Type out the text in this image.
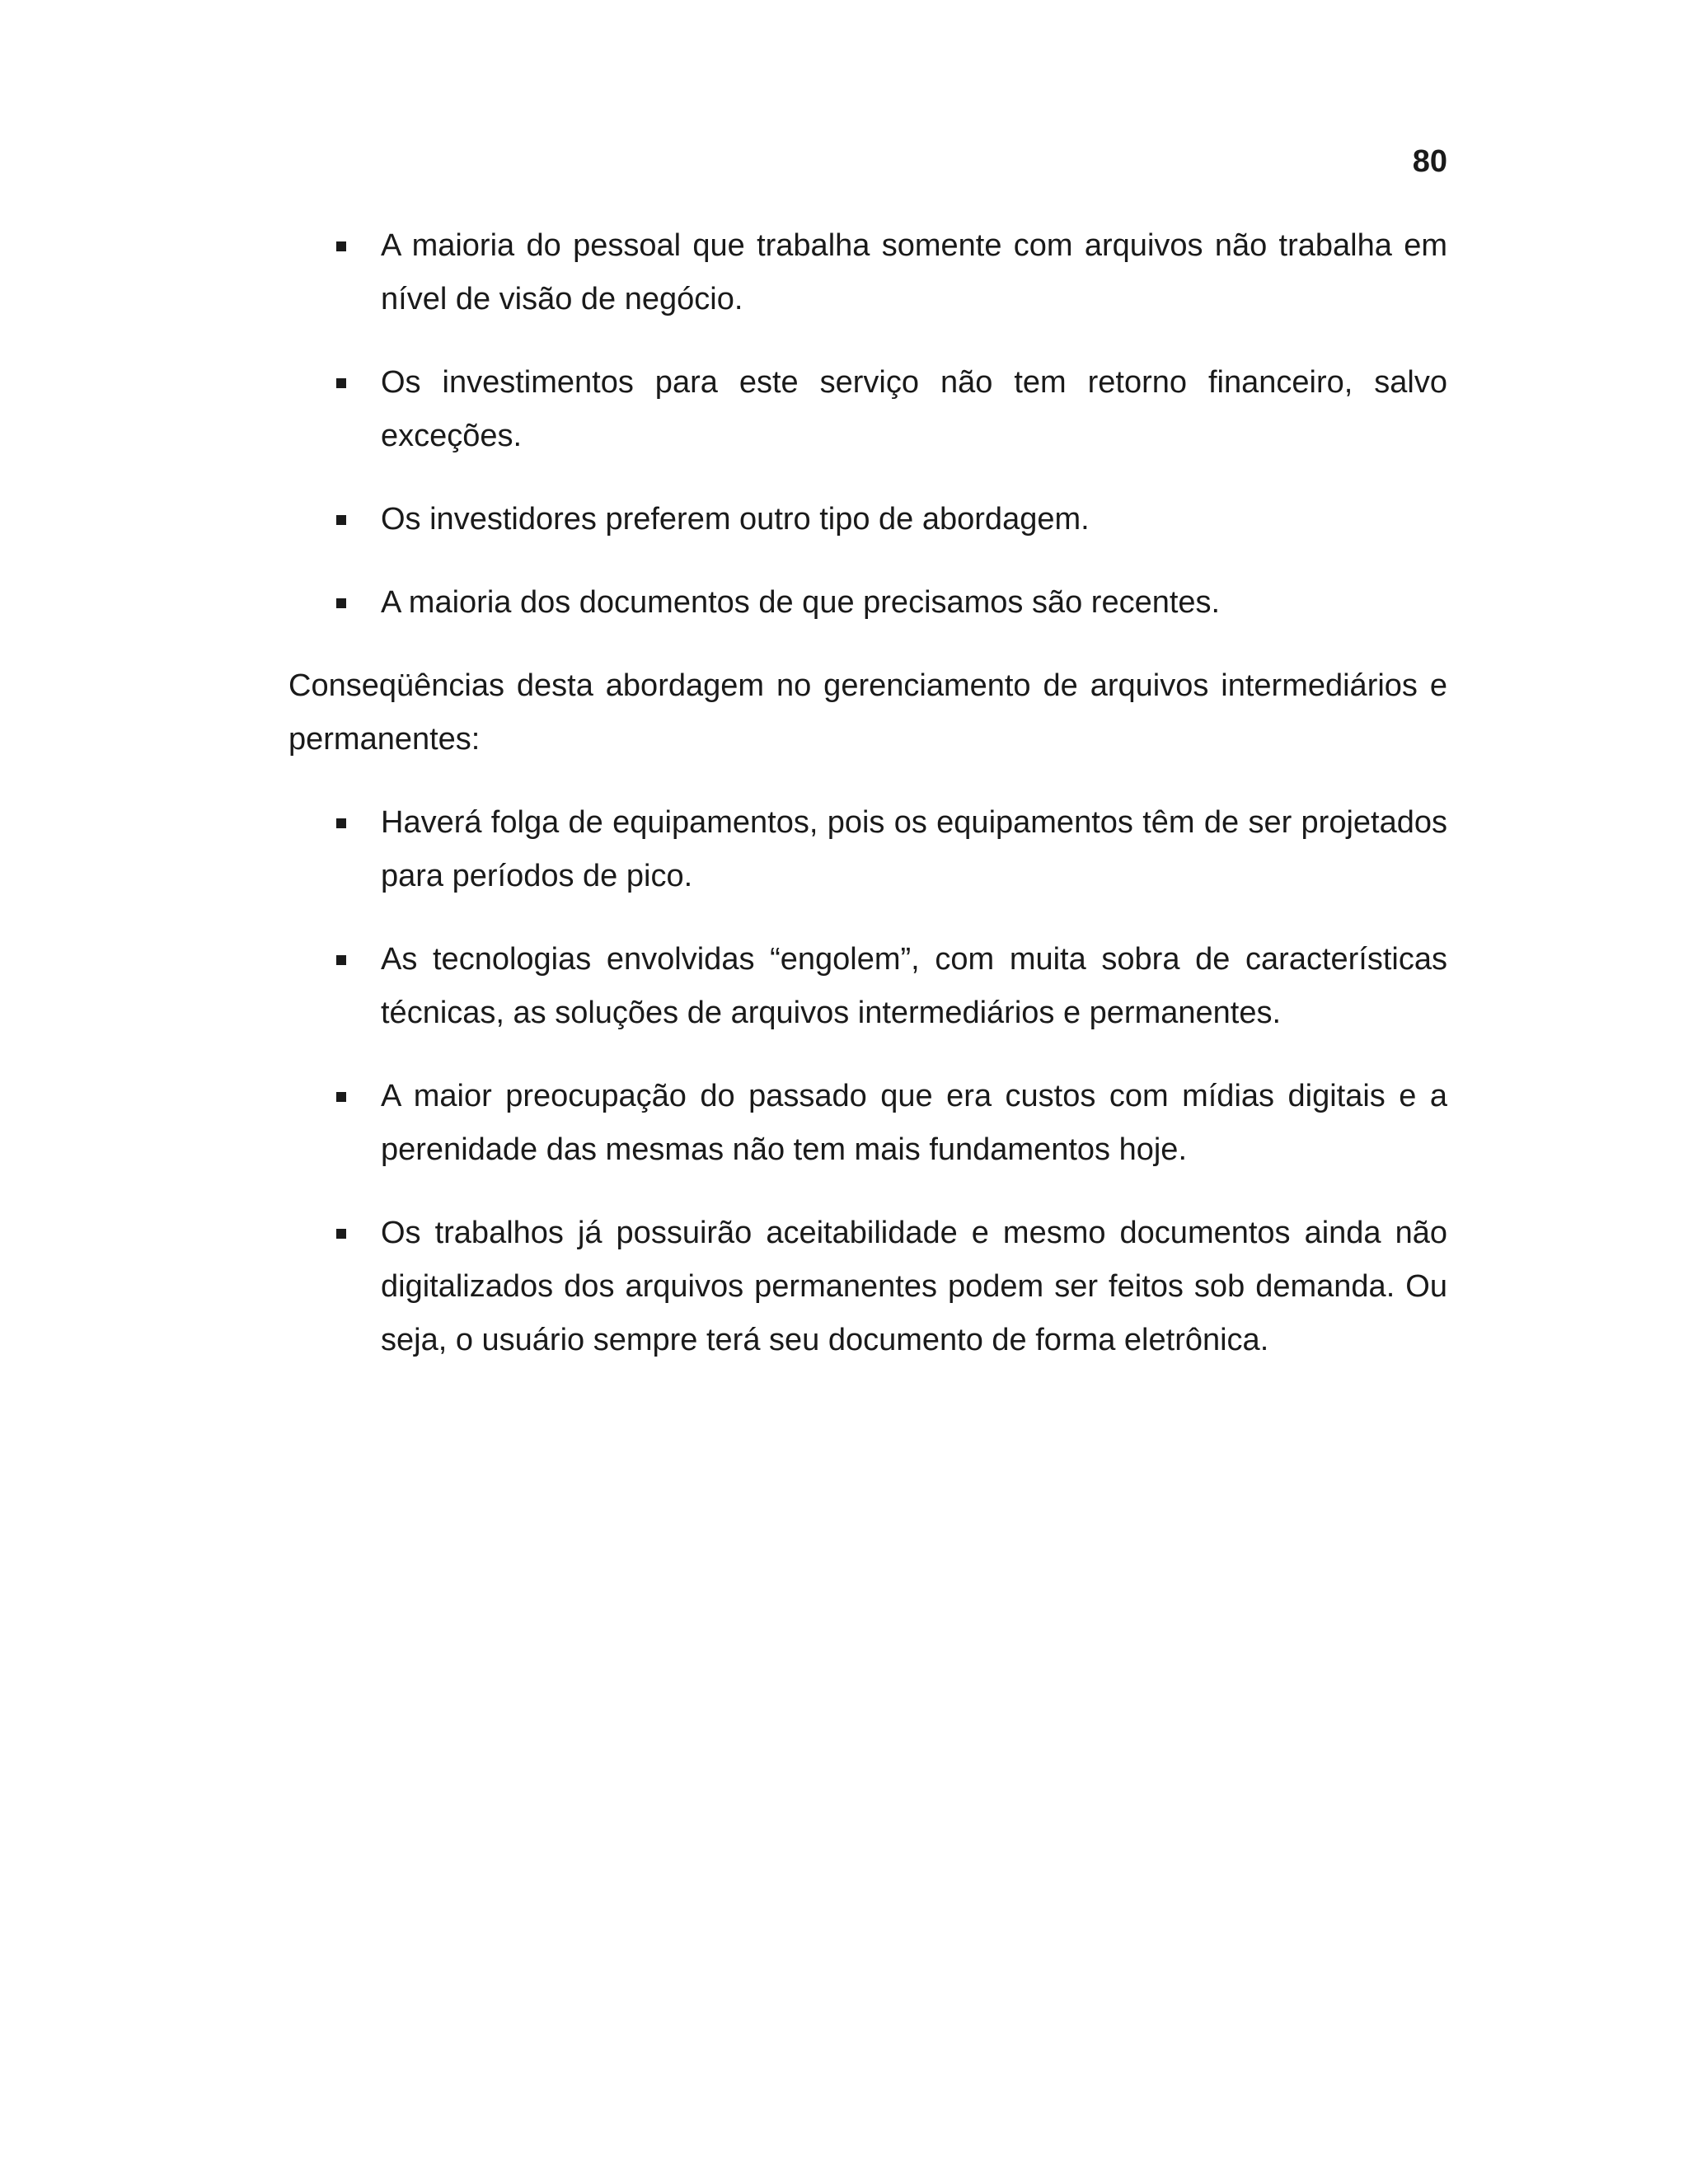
80
A maioria do pessoal que trabalha somente com arquivos não trabalha em nível de visão de negócio.
Os investimentos para este serviço não tem retorno financeiro, salvo exceções.
Os investidores preferem outro tipo de abordagem.
A maioria dos documentos de que precisamos são recentes.

Conseqüências desta abordagem no gerenciamento de arquivos intermediários e permanentes:

Haverá folga de equipamentos, pois os equipamentos têm de ser projetados para períodos de pico.
As tecnologias envolvidas “engolem”, com muita sobra de características técnicas, as soluções de arquivos intermediários e permanentes.
A maior preocupação do passado que era custos com mídias digitais e a perenidade das mesmas não tem mais fundamentos hoje.
Os trabalhos já possuirão aceitabilidade e mesmo documentos ainda não digitalizados dos arquivos permanentes podem ser feitos sob demanda. Ou seja, o usuário sempre terá seu documento de forma eletrônica.
